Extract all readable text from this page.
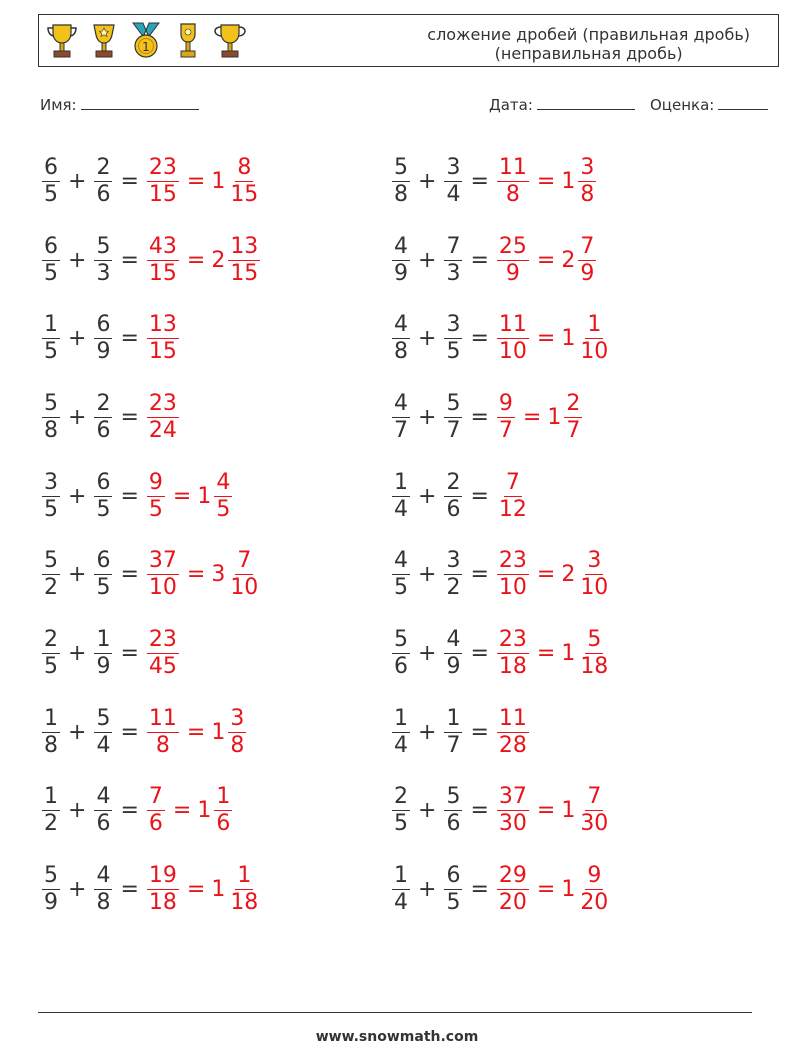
1
сложение дробей (правильная дробь)
(неправильная дробь)
Имя:	Дата:	Оценка:
$\frac{6}{5} + \frac{2}{6} = \frac{23}{15} = 1 \frac{8}{15}$
$\frac{6}{5} + \frac{5}{3} = \frac{43}{15} = 2 \frac{13}{15}$
$\frac{1}{5} + \frac{6}{9} = \frac{13}{15}$
$\frac{5}{8} + \frac{2}{6} = \frac{23}{24}$
$\frac{3}{5} + \frac{6}{5} = \frac{9}{5} = 1 \frac{4}{5}$
$\frac{5}{2} + \frac{6}{5} = \frac{37}{10} = 3 \frac{7}{10}$
$\frac{2}{5} + \frac{1}{9} = \frac{23}{45}$
$\frac{1}{8} + \frac{5}{4} = \frac{11}{8} = 1 \frac{3}{8}$
$\frac{1}{2} + \frac{4}{6} = \frac{7}{6} = 1 \frac{1}{6}$
$\frac{5}{9} + \frac{4}{8} = \frac{19}{18} = 1 \frac{1}{18}$
$\frac{5}{8} + \frac{3}{4} = \frac{11}{8} = 1 \frac{3}{8}$
$\frac{4}{9} + \frac{7}{3} = \frac{25}{9} = 2 \frac{7}{9}$
$\frac{4}{8} + \frac{3}{5} = \frac{11}{10} = 1 \frac{1}{10}$
$\frac{4}{7} + \frac{5}{7} = \frac{9}{7} = 1 \frac{2}{7}$
$\frac{1}{4} + \frac{2}{6} = \frac{7}{12}$
$\frac{4}{5} + \frac{3}{2} = \frac{23}{10} = 2 \frac{3}{10}$
$\frac{5}{6} + \frac{4}{9} = \frac{23}{18} = 1 \frac{5}{18}$
$\frac{1}{4} + \frac{1}{7} = \frac{11}{28}$
$\frac{2}{5} + \frac{5}{6} = \frac{37}{30} = 1 \frac{7}{30}$
$\frac{1}{4} + \frac{6}{5} = \frac{29}{20} = 1 \frac{9}{20}$
www.snowmath.com
